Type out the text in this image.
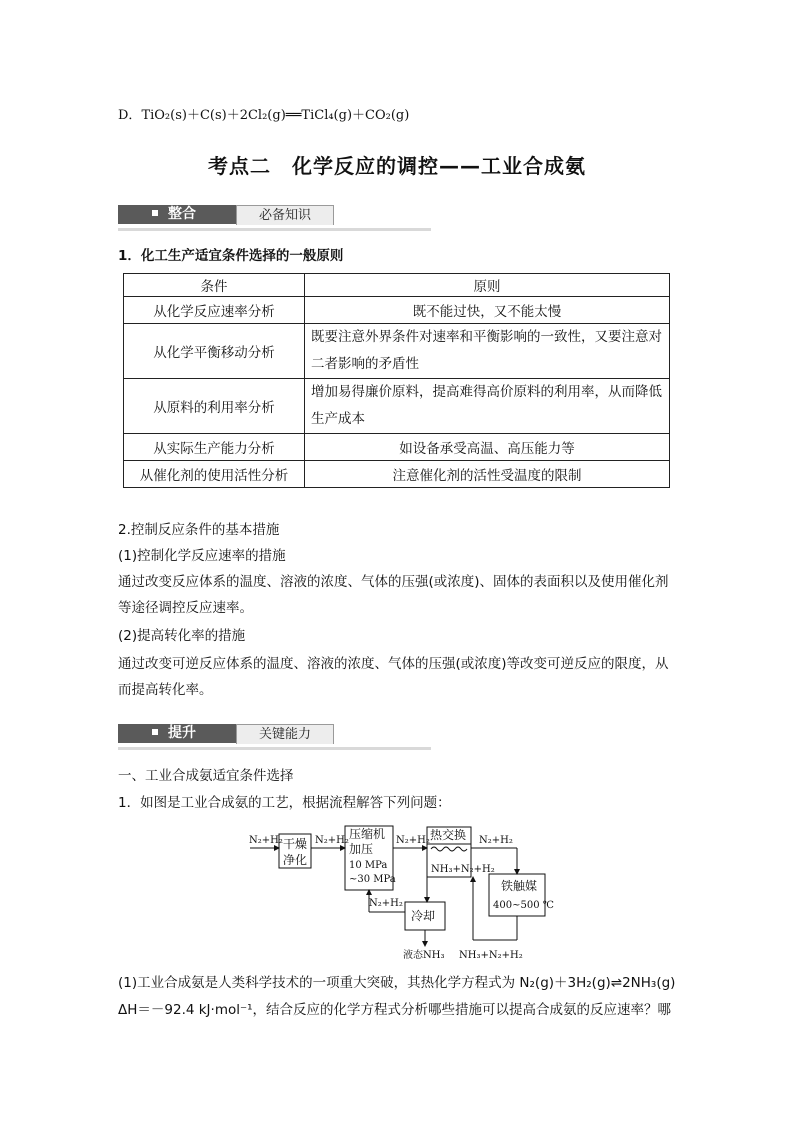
D．TiO₂(s)＋C(s)＋2Cl₂(g)══TiCl₄(g)＋CO₂(g)
考点二　化学反应的调控——工业合成氨
整合	必备知识
1．化工生产适宜条件选择的一般原则
条件	原则
从化学反应速率分析	既不能过快，又不能太慢
从化学平衡移动分析	既要注意外界条件对速率和平衡影响的一致性，又要注意对二者影响的矛盾性
从原料的利用率分析	增加易得廉价原料，提高难得高价原料的利用率，从而降低生产成本
从实际生产能力分析	如设备承受高温、高压能力等
从催化剂的使用活性分析	注意催化剂的活性受温度的限制
2.控制反应条件的基本措施
(1)控制化学反应速率的措施
通过改变反应体系的温度、溶液的浓度、气体的压强(或浓度)、固体的表面积以及使用催化剂等途径调控反应速率。
(2)提高转化率的措施
通过改变可逆反应体系的温度、溶液的浓度、气体的压强(或浓度)等改变可逆反应的限度，从而提高转化率。
提升	关键能力
一、工业合成氨适宜条件选择
1．如图是工业合成氨的工艺，根据流程解答下列问题：
N₂+H₂ 干燥
净化
N₂+H₂ 压缩机
加压
10 MPa
~30 MPa
N₂+H₂ 热交换 N₂+H₂
NH₃+N₂+H₂
N₂+H₂
冷却
铁触媒
400~500 ℃
液态NH₃ NH₃+N₂+H₂
(1)工业合成氨是人类科学技术的一项重大突破，其热化学方程式为 N₂(g)＋3H₂(g)⇌2NH₃(g)
ΔH＝－92.4 kJ·mol⁻¹，结合反应的化学方程式分析哪些措施可以提高合成氨的反应速率？哪
